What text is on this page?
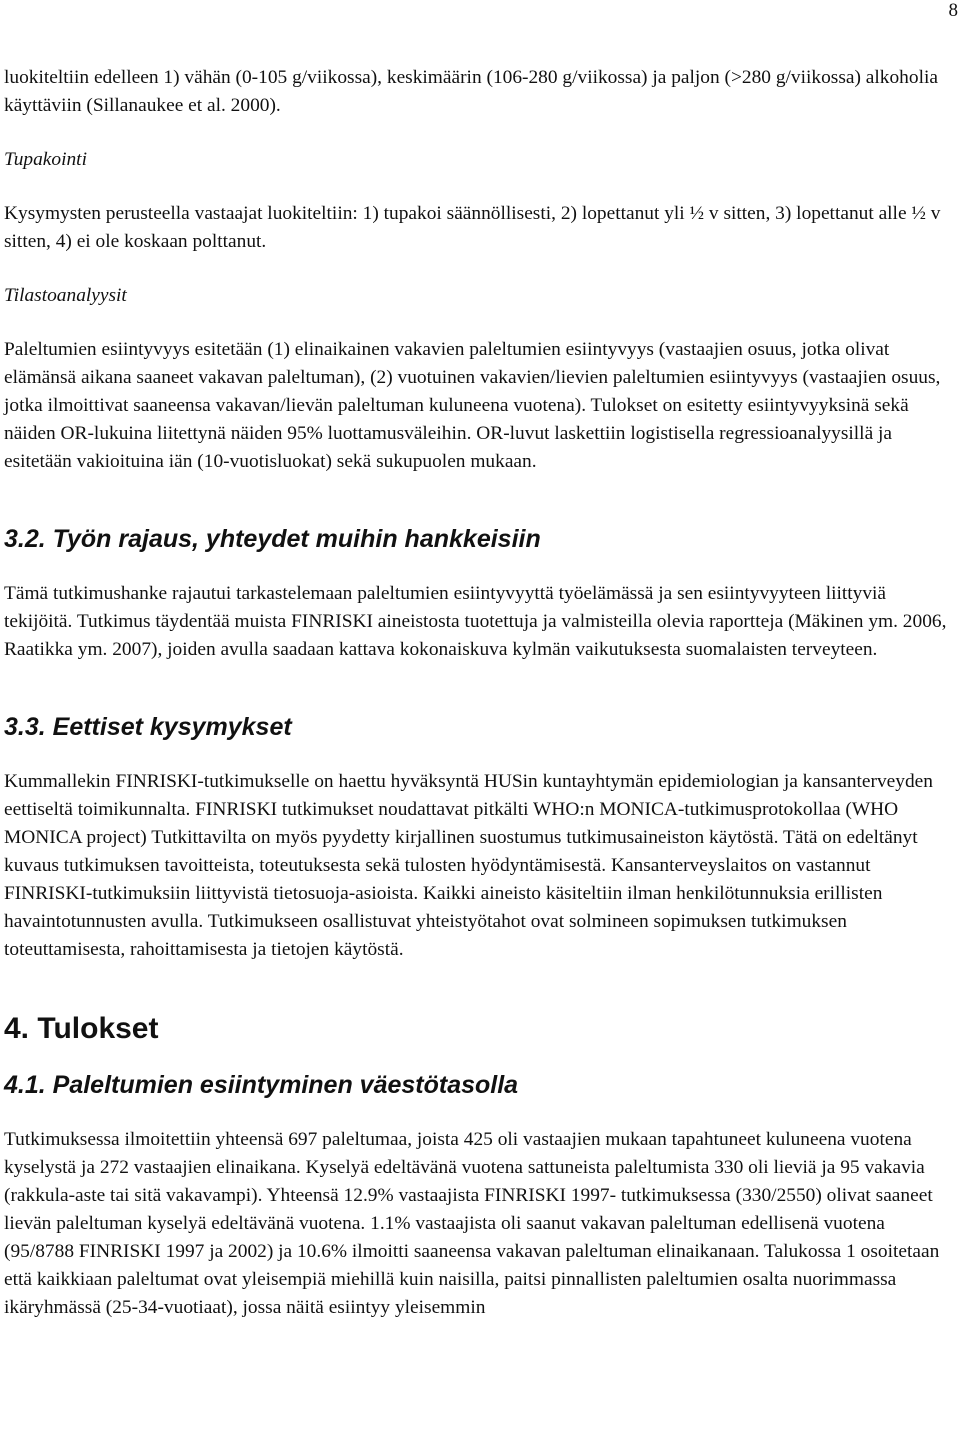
8

luokiteltiin edelleen 1) vähän (0-105 g/viikossa), keskimäärin (106-280 g/viikossa) ja paljon (>280 g/viikossa) alkoholia käyttäviin (Sillanaukee et al. 2000).

Tupakointi

Kysymysten perusteella vastaajat luokiteltiin: 1) tupakoi säännöllisesti, 2) lopettanut yli ½ v sitten, 3) lopettanut alle ½ v sitten, 4) ei ole koskaan polttanut.

Tilastoanalyysit

Paleltumien esiintyvyys esitetään (1) elinaikainen vakavien paleltumien esiintyvyys (vastaajien osuus, jotka olivat elämänsä aikana saaneet vakavan paleltuman), (2) vuotuinen vakavien/lievien paleltumien esiintyvyys (vastaajien osuus, jotka ilmoittivat saaneensa vakavan/lievän paleltuman kuluneena vuotena). Tulokset on esitetty esiintyvyyksinä sekä näiden OR-lukuina liitettynä näiden 95% luottamusväleihin. OR-luvut laskettiin logistisella regressioanalyysillä ja esitetään vakioituina iän (10-vuotisluokat) sekä sukupuolen mukaan.

3.2. Työn rajaus, yhteydet muihin hankkeisiin

Tämä tutkimushanke rajautui tarkastelemaan paleltumien esiintyvyyttä työelämässä ja sen esiintyvyyteen liittyviä tekijöitä. Tutkimus täydentää muista FINRISKI aineistosta tuotettuja ja valmisteilla olevia raportteja (Mäkinen ym. 2006, Raatikka ym. 2007), joiden avulla saadaan kattava kokonaiskuva kylmän vaikutuksesta suomalaisten terveyteen.

3.3. Eettiset kysymykset

Kummallekin FINRISKI-tutkimukselle on haettu hyväksyntä HUSin kuntayhtymän epidemiologian ja kansanterveyden eettiseltä toimikunnalta. FINRISKI tutkimukset noudattavat pitkälti WHO:n MONICA-tutkimusprotokollaa (WHO MONICA project) Tutkittavilta on myös pyydetty kirjallinen suostumus tutkimusaineiston käytöstä. Tätä on edeltänyt kuvaus tutkimuksen tavoitteista, toteutuksesta sekä tulosten hyödyntämisestä. Kansanterveyslaitos on vastannut FINRISKI-tutkimuksiin liittyvistä tietosuoja-asioista. Kaikki aineisto käsiteltiin ilman henkilötunnuksia erillisten havaintotunnusten avulla. Tutkimukseen osallistuvat yhteistyötahot ovat solmineen sopimuksen tutkimuksen toteuttamisesta, rahoittamisesta ja tietojen käytöstä.

4. Tulokset
4.1. Paleltumien esiintyminen väestötasolla

Tutkimuksessa ilmoitettiin yhteensä 697 paleltumaa, joista 425 oli vastaajien mukaan tapahtuneet kuluneena vuotena kyselystä ja 272 vastaajien elinaikana. Kyselyä edeltävänä vuotena sattuneista paleltumista 330 oli lieviä ja 95 vakavia (rakkula-aste tai sitä vakavampi). Yhteensä 12.9% vastaajista FINRISKI 1997- tutkimuksessa (330/2550) olivat saaneet lievän paleltuman kyselyä edeltävänä vuotena. 1.1% vastaajista oli saanut vakavan paleltuman edellisenä vuotena (95/8788 FINRISKI 1997 ja 2002) ja 10.6% ilmoitti saaneensa vakavan paleltuman elinaikanaan. Talukossa 1 osoitetaan että kaikkiaan paleltumat ovat yleisempiä miehillä kuin naisilla, paitsi pinnallisten paleltumien osalta nuorimmassa ikäryhmässä (25-34-vuotiaat), jossa näitä esiintyy yleisemmin
